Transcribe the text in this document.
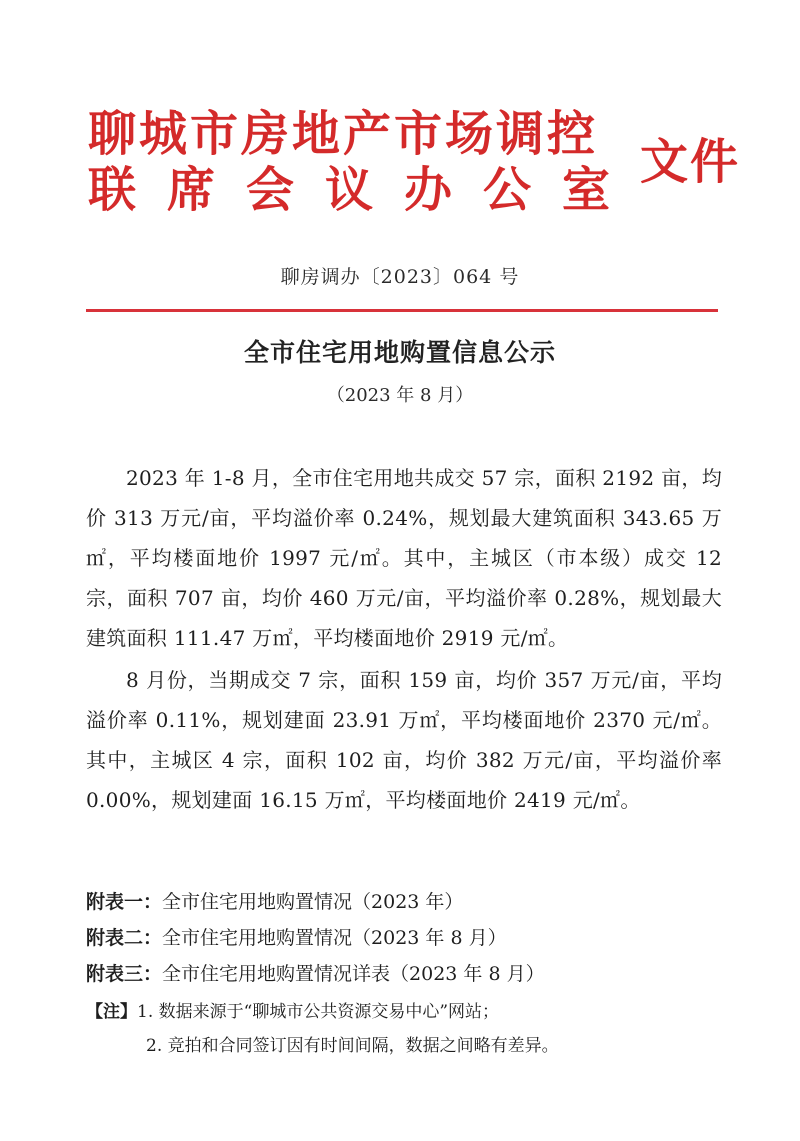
聊城市房地产市场调控
联席会议办公室
文件
聊房调办〔2023〕064 号
全市住宅用地购置信息公示
（2023 年 8 月）

2023 年 1-8 月，全市住宅用地共成交 57 宗，面积 2192 亩，均价 313 万元/亩，平均溢价率 0.24%，规划最大建筑面积 343.65 万㎡，平均楼面地价 1997 元/㎡。其中，主城区（市本级）成交 12 宗，面积 707 亩，均价 460 万元/亩，平均溢价率 0.28%，规划最大建筑面积 111.47 万㎡，平均楼面地价 2919 元/㎡。

8 月份，当期成交 7 宗，面积 159 亩，均价 357 万元/亩，平均溢价率 0.11%，规划建面 23.91 万㎡，平均楼面地价 2370 元/㎡。其中，主城区 4 宗，面积 102 亩，均价 382 万元/亩，平均溢价率 0.00%，规划建面 16.15 万㎡，平均楼面地价 2419 元/㎡。

附表一：全市住宅用地购置情况（2023 年）
附表二：全市住宅用地购置情况（2023 年 8 月）
附表三：全市住宅用地购置情况详表（2023 年 8 月）
【注】1. 数据来源于“聊城市公共资源交易中心”网站；
2. 竞拍和合同签订因有时间间隔，数据之间略有差异。
